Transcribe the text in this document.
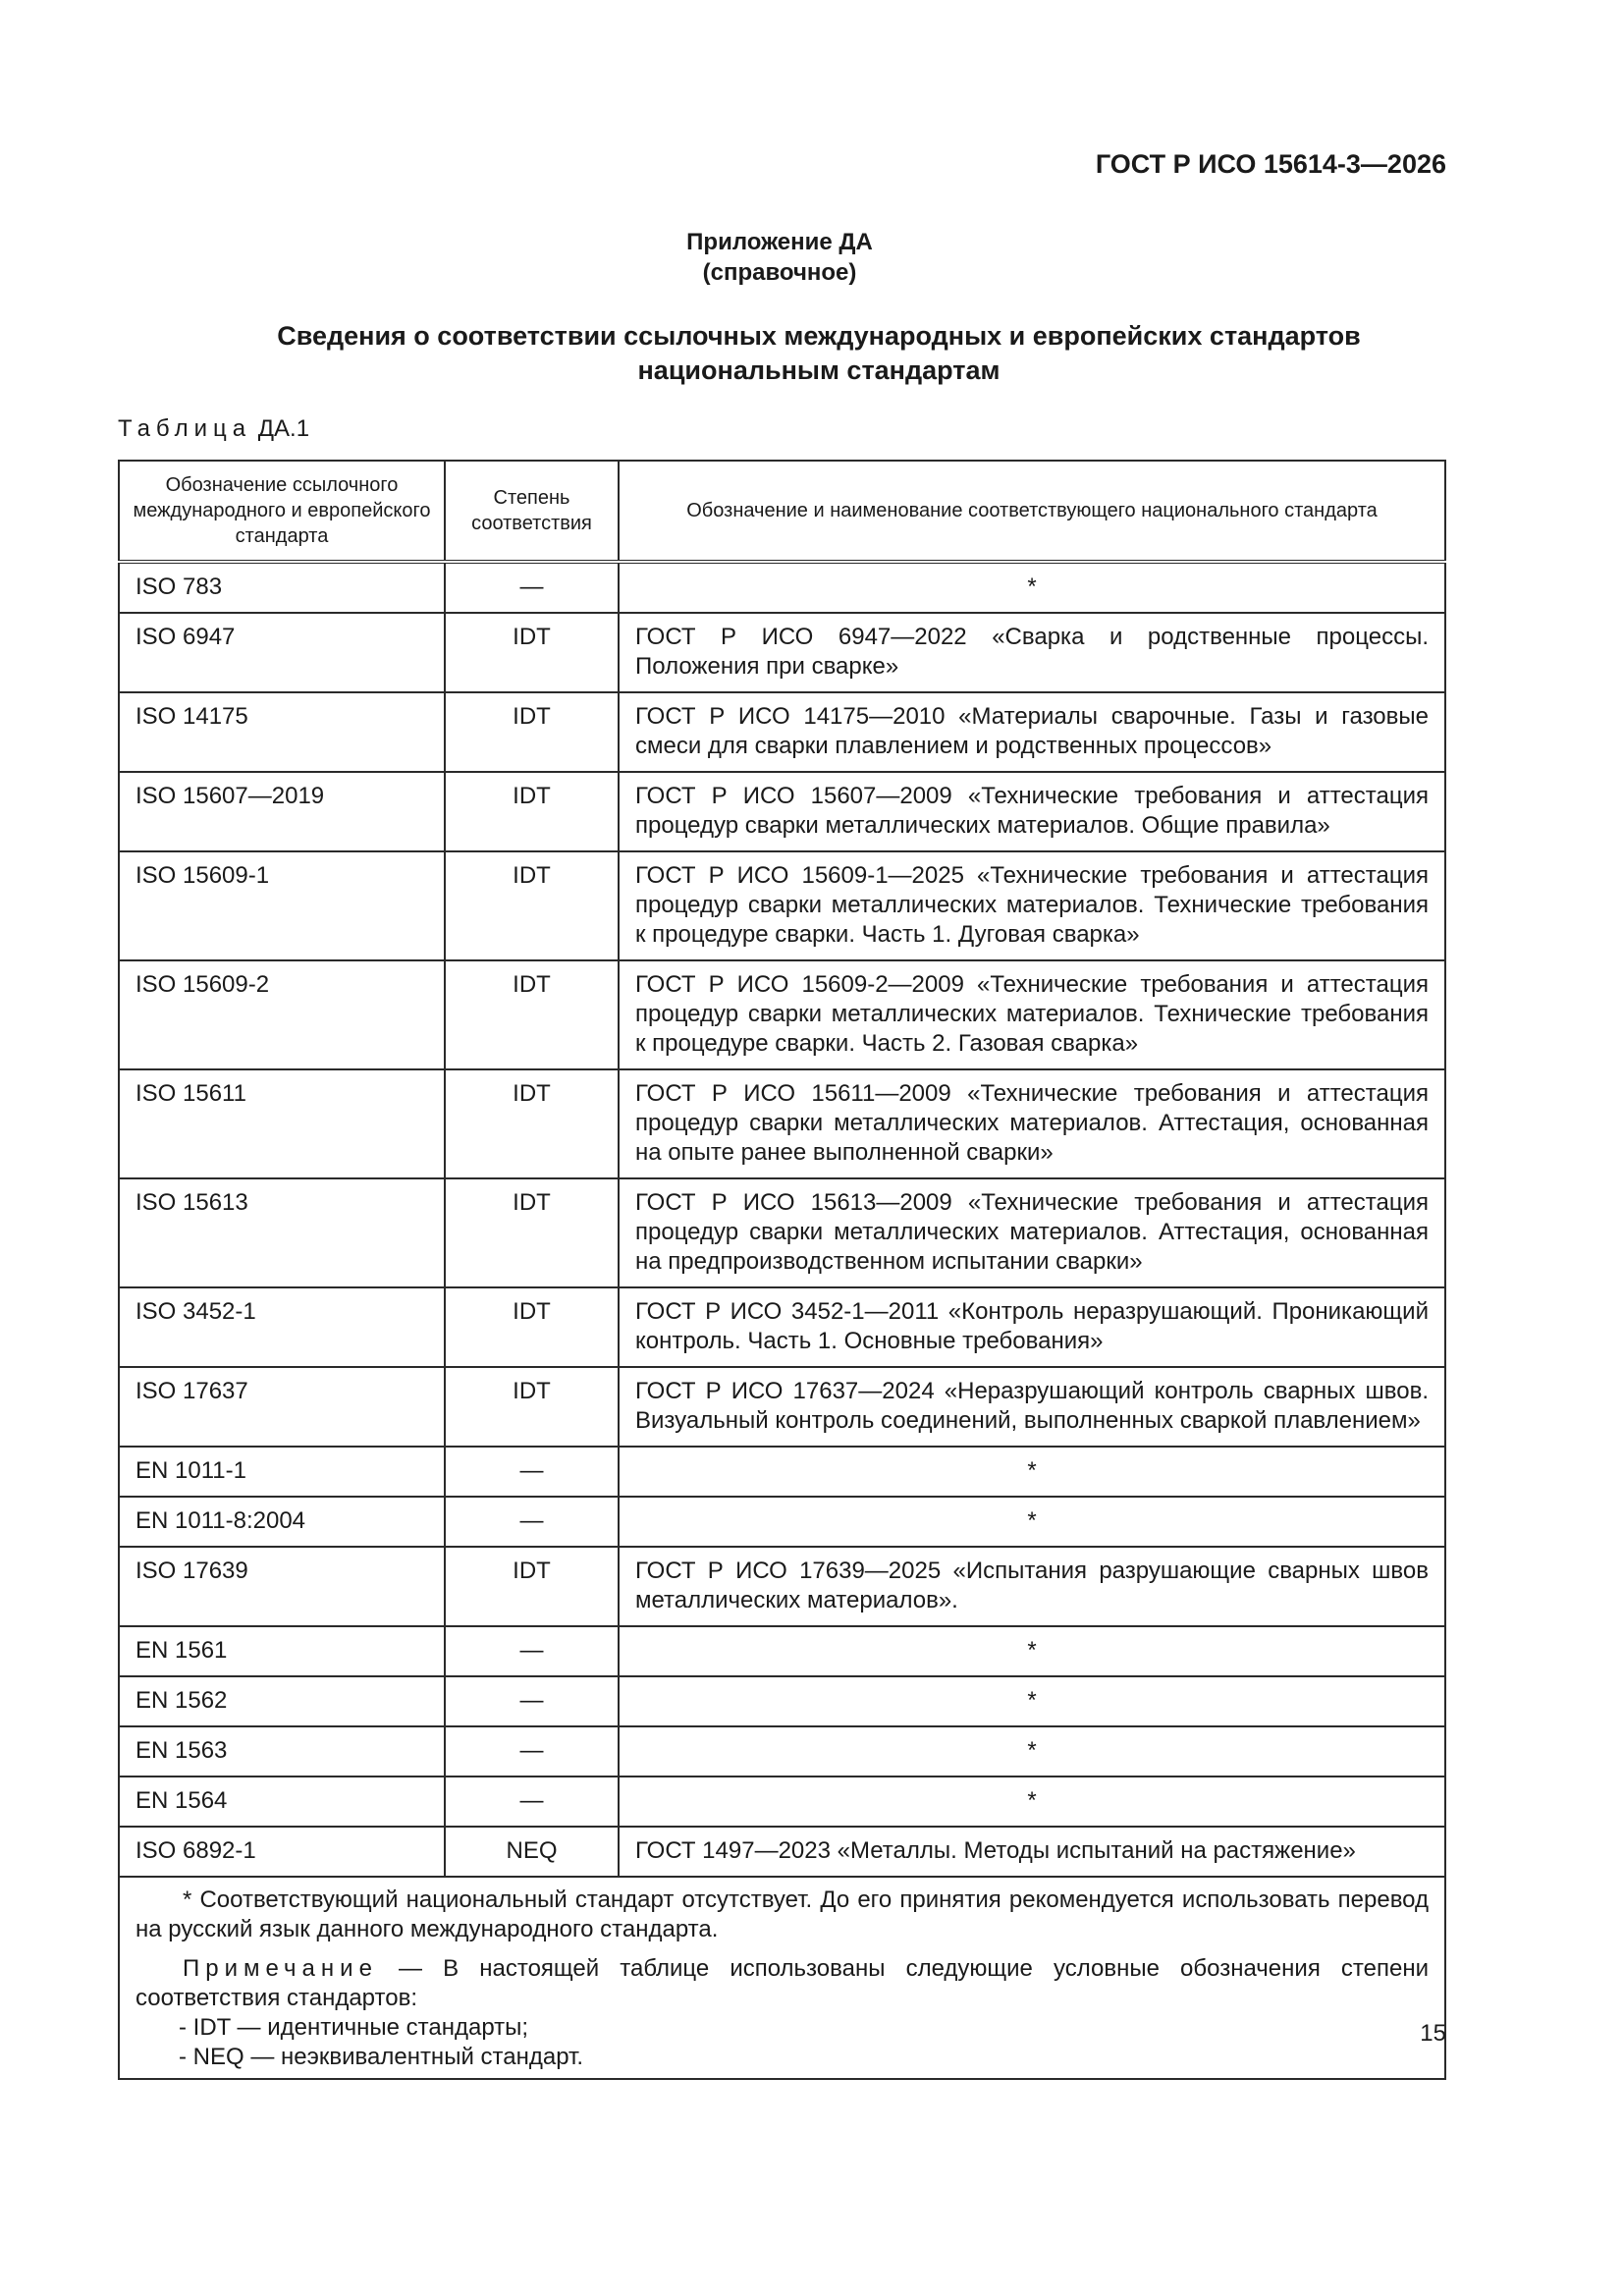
ГОСТ Р ИСО 15614-3—2026
Приложение ДА
(справочное)
Сведения о соответствии ссылочных международных и европейских стандартов
национальным стандартам
Таблица ДА.1
Обозначение ссылочного международного и европейского стандарта	Степень соответствия	Обозначение и наименование соответствующего национального стандарта
ISO 783	—	*
ISO 6947	IDT	ГОСТ Р ИСО 6947—2022 «Сварка и родственные процессы. Положения при сварке»
ISO 14175	IDT	ГОСТ Р ИСО 14175—2010 «Материалы сварочные. Газы и газовые смеси для сварки плавлением и родственных процессов»
ISO 15607—2019	IDT	ГОСТ Р ИСО 15607—2009 «Технические требования и аттестация процедур сварки металлических материалов. Общие правила»
ISO 15609-1	IDT	ГОСТ Р ИСО 15609-1—2025 «Технические требования и аттестация процедур сварки металлических материалов. Технические требования к процедуре сварки. Часть 1. Дуговая сварка»
ISO 15609-2	IDT	ГОСТ Р ИСО 15609-2—2009 «Технические требования и аттестация процедур сварки металлических материалов. Технические требования к процедуре сварки. Часть 2. Газовая сварка»
ISO 15611	IDT	ГОСТ Р ИСО 15611—2009 «Технические требования и аттестация процедур сварки металлических материалов. Аттестация, основанная на опыте ранее выполненной сварки»
ISO 15613	IDT	ГОСТ Р ИСО 15613—2009 «Технические требования и аттестация процедур сварки металлических материалов. Аттестация, основанная на предпроизводственном испытании сварки»
ISO 3452-1	IDT	ГОСТ Р ИСО 3452-1—2011 «Контроль неразрушающий. Проникающий контроль. Часть 1. Основные требования»
ISO 17637	IDT	ГОСТ Р ИСО 17637—2024 «Неразрушающий контроль сварных швов. Визуальный контроль соединений, выполненных сваркой плавлением»
EN 1011-1	—	*
EN 1011-8:2004	—	*
ISO 17639	IDT	ГОСТ Р ИСО 17639—2025 «Испытания разрушающие сварных швов металлических материалов».
EN 1561	—	*
EN 1562	—	*
EN 1563	—	*
EN 1564	—	*
ISO 6892-1	NEQ	ГОСТ 1497—2023 «Металлы. Методы испытаний на растяжение»

* Соответствующий национальный стандарт отсутствует. До его принятия рекомендуется использовать перевод на русский язык данного международного стандарта.

Примечание — В настоящей таблице использованы следующие условные обозначения степени соответствия стандартов:

- IDT — идентичные стандарты;

- NEQ — неэквивалентный стандарт.		

15
